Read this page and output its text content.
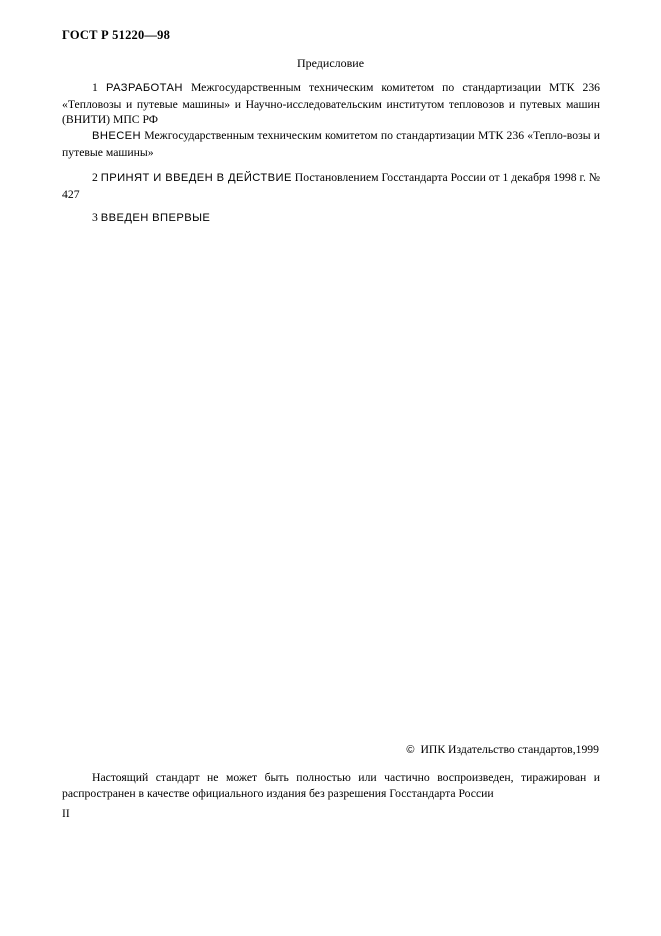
ГОСТ Р 51220—98
Предисловие

1 РАЗРАБОТАН Межгосударственным техническим комитетом по стандартизации МТК 236 «Тепловозы и путевые машины» и Научно-исследовательским институтом тепловозов и путевых машин (ВНИТИ) МПС РФ

ВНЕСЕН Межгосударственным техническим комитетом по стандартизации МТК 236 «Тепло-возы и путевые машины»

2 ПРИНЯТ И ВВЕДЕН В ДЕЙСТВИЕ Постановлением Госстандарта России от 1 декабря 1998 г. № 427

3 ВВЕДЕН ВПЕРВЫЕ

© ИПК Издательство стандартов,1999

Настоящий стандарт не может быть полностью или частично воспроизведен, тиражирован и распространен в качестве официального издания без разрешения Госстандарта России

II
